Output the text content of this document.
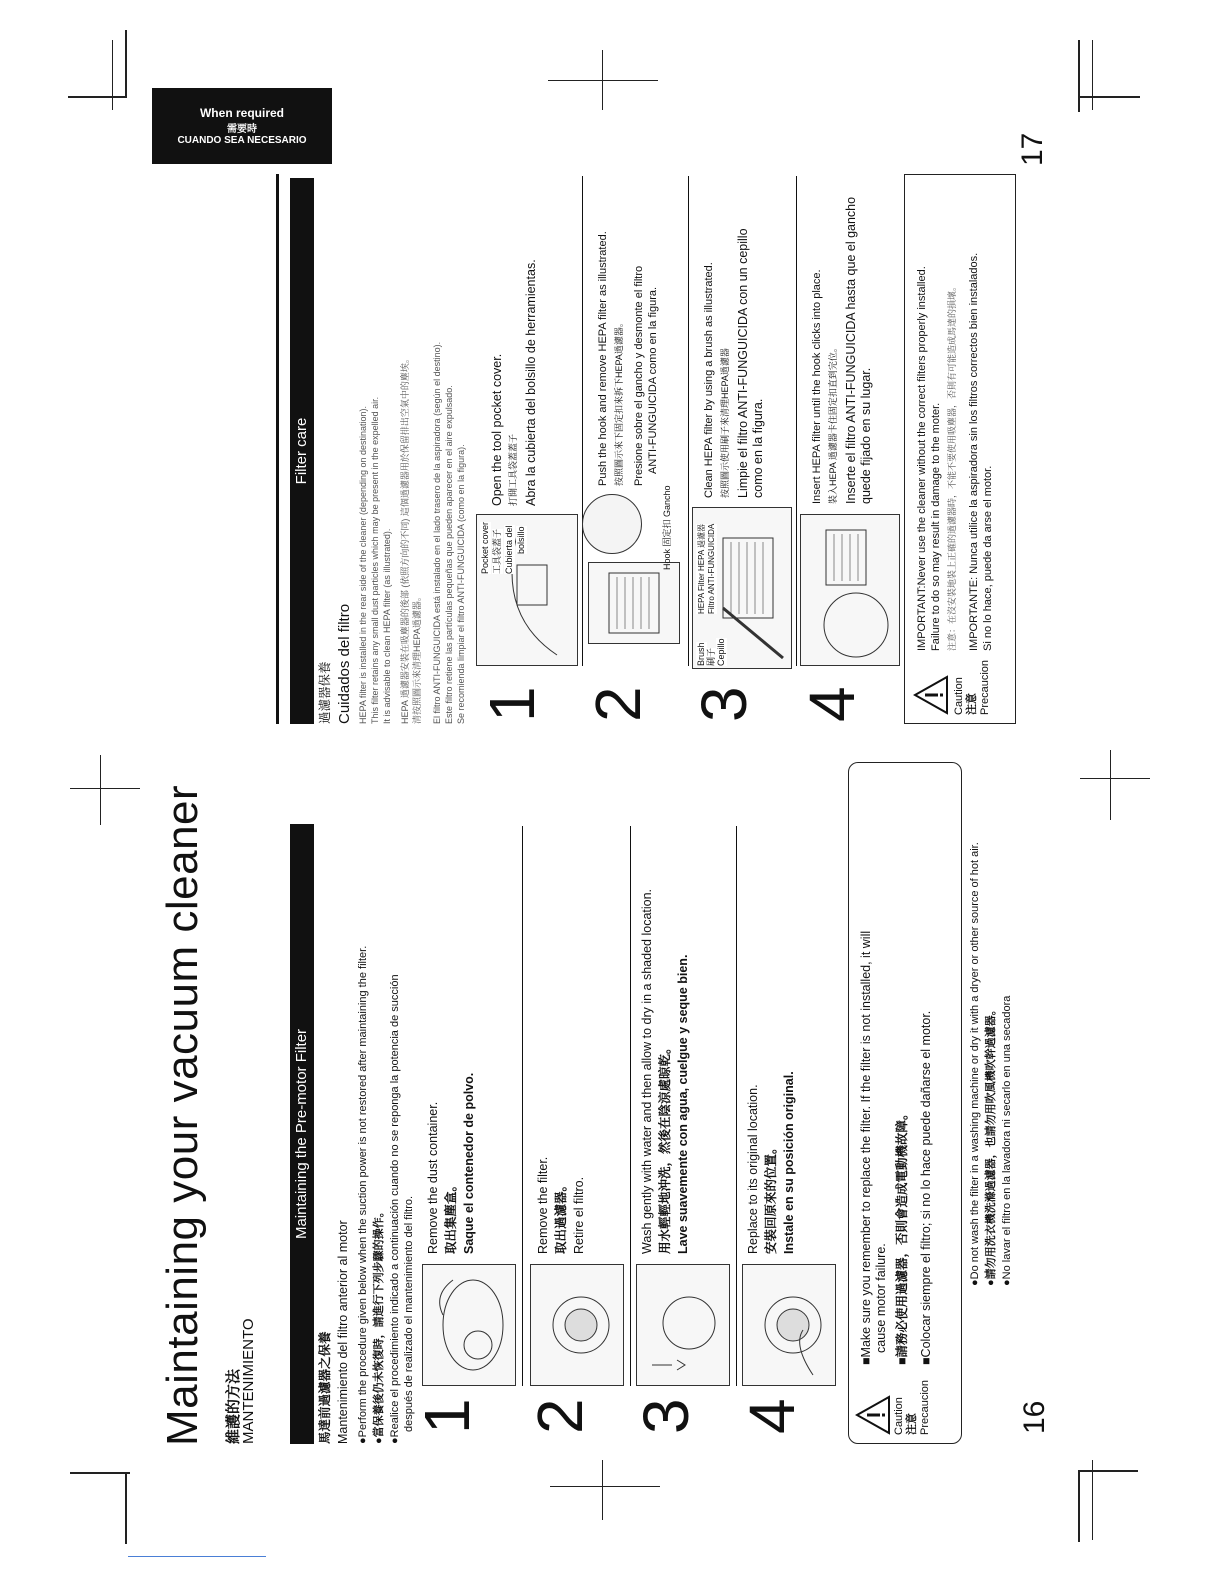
Maintaining your vacuum cleaner 維護的方法
MANTENIMIENTO
Maintaining the Pre-motor Filter
馬達前過濾器之保養 Mantenimiento del filtro anterior al motor ●Perform the procedure given below when the suction power is not restored after maintaining the filter. ●當保養後仍未恢復時，請進行下列步驟的操作。 ●Realice el procedimiento indicado a continuación cuando no se reponga la potencia de succión después de realizado el mantenimiento del filtro.
1
Remove the dust container. 取出集塵盒。 Saque el contenedor de polvo.
2
Remove the filter. 取出過濾器。 Retire el filtro.
3
Wash gently with water and then allow to dry in a shaded location. 用水輕輕地沖洗，然後在陰涼處晾乾。 Lave suavemente con agua, cuelgue y seque bien.
4
Replace to its original location. 安裝回原來的位置。 Instale en su posición original.
Caution 注意 Precaucion
■Make sure you remember to replace the filter. If the filter is not installed, it will cause motor failure. ■請務必使用過濾器，否則會造成電動機故障。 ■Colocar siempre el filtro; si no lo hace puede dañarse el motor.	●Do not wash the filter in a washing machine or dry it with a dryer or other source of hot air. ●請勿用洗衣機洗滌過濾器，也請勿用吹風機吹幹過濾器。 ●No lavar el filtro en la lavadora ni secarlo en una secadora
16
Filter care
過濾器保養 Cuidados del filtro HEPA filter is installed in the rear side of the cleaner (depending on destination). This filter retains any small dust particles which may be present in the expelled air. It is advisable to clean HEPA filter (as illustrated). HEPA 過濾器安裝在吸塵器的後部 (依照方向的不同) 這個過濾器用於保留排出空氣中的塵埃。 清按照圖示來清理HEPA過濾器。 El filtro ANTI-FUNGUICIDA está instalado en el lado trasero de la aspiradora (según el destino). Este filtro retiene las partículas pequeñas que pueden aparecer en el aire expulsado. Se recomienda limpiar el filtro ANTI-FUNGUICIDA (como en la figura). 1
Pocket cover 工具袋蓋子 Cubierta del bolsillo
Open the tool pocket cover. 打開工具袋蓋蓋子 Abra la cubierta del bolsillo de herramientas.
2
Hook 固定扣 Gancho
Push the hook and remove HEPA filter as illustrated. 按照圖示來下固定扣來拆下HEPA過濾器。 Presione sobre el gancho y desmonte el filtro ANTI-FUNGUICIDA como en la figura.
3
Brush 刷子 Cepillo
HEPA Filter HEPA 過濾器 Filtro ANTI-FUNGUICIDA
Clean HEPA filter by using a brush as illustrated. 按照圖示使用刷子來清理HEPA過濾器 Limpie el filtro ANTI-FUNGUICIDA con un cepillo como en la figura.
4
Insert HEPA filter until the hook clicks into place. 裝入HEPA 過濾器卡住固定扣直到完位。 Inserte el filtro ANTI-FUNGUICIDA hasta que el gancho quede fijado en su lugar.
Caution 注意 Precaucion
IMPORTANT:Never use the cleaner without the correct filters properly installed. Failure to do so may result in damage to the moter. 注意：在沒安裝地裝上正確的過濾器時，不能不要使用吸塵器，否則有可能造成馬達的損壞。 IMPORTANTE: Nunca utilice la aspiradora sin los filtros correctos bien instalados. Si no lo hace, puede da arse el motor.
When required
需要時
CUANDO SEA NECESARIO	17
